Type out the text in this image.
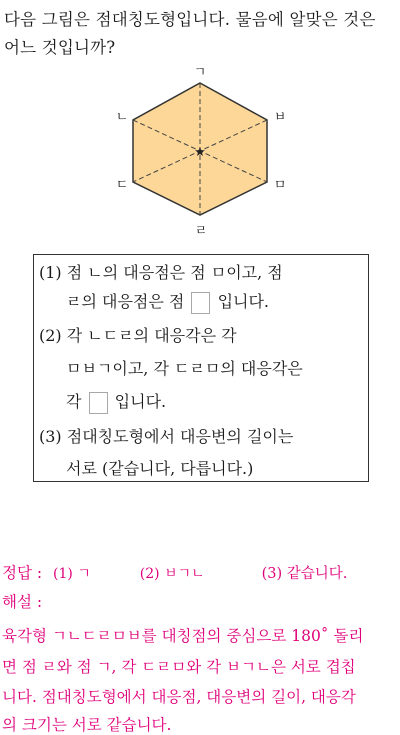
다음 그림은 점대칭도형입니다. 물음에 알맞은 것은
어느 것입니까?
★
ㄱ
ㄴ
ㄷ
ㄹ
ㅁ
ㅂ
(1) 점 ㄴ의 대응점은 점 ㅁ이고, 점
ㄹ의 대응점은 점 입니다.
(2) 각 ㄴㄷㄹ의 대응각은 각
ㅁㅂㄱ이고, 각 ㄷㄹㅁ의 대응각은
각 입니다.
(3) 점대칭도형에서 대응변의 길이는
서로 (같습니다, 다릅니다.)
정답 : (1) ㄱ	(2) ㅂㄱㄴ	(3) 같습니다.
해설 :
육각형 ㄱㄴㄷㄹㅁㅂ를 대칭점의 중심으로 180˚ 돌리
면 점 ㄹ와 점 ㄱ, 각 ㄷㄹㅁ와 각 ㅂㄱㄴ은 서로 겹칩
니다. 점대칭도형에서 대응점, 대응변의 길이, 대응각
의 크기는 서로 같습니다.
